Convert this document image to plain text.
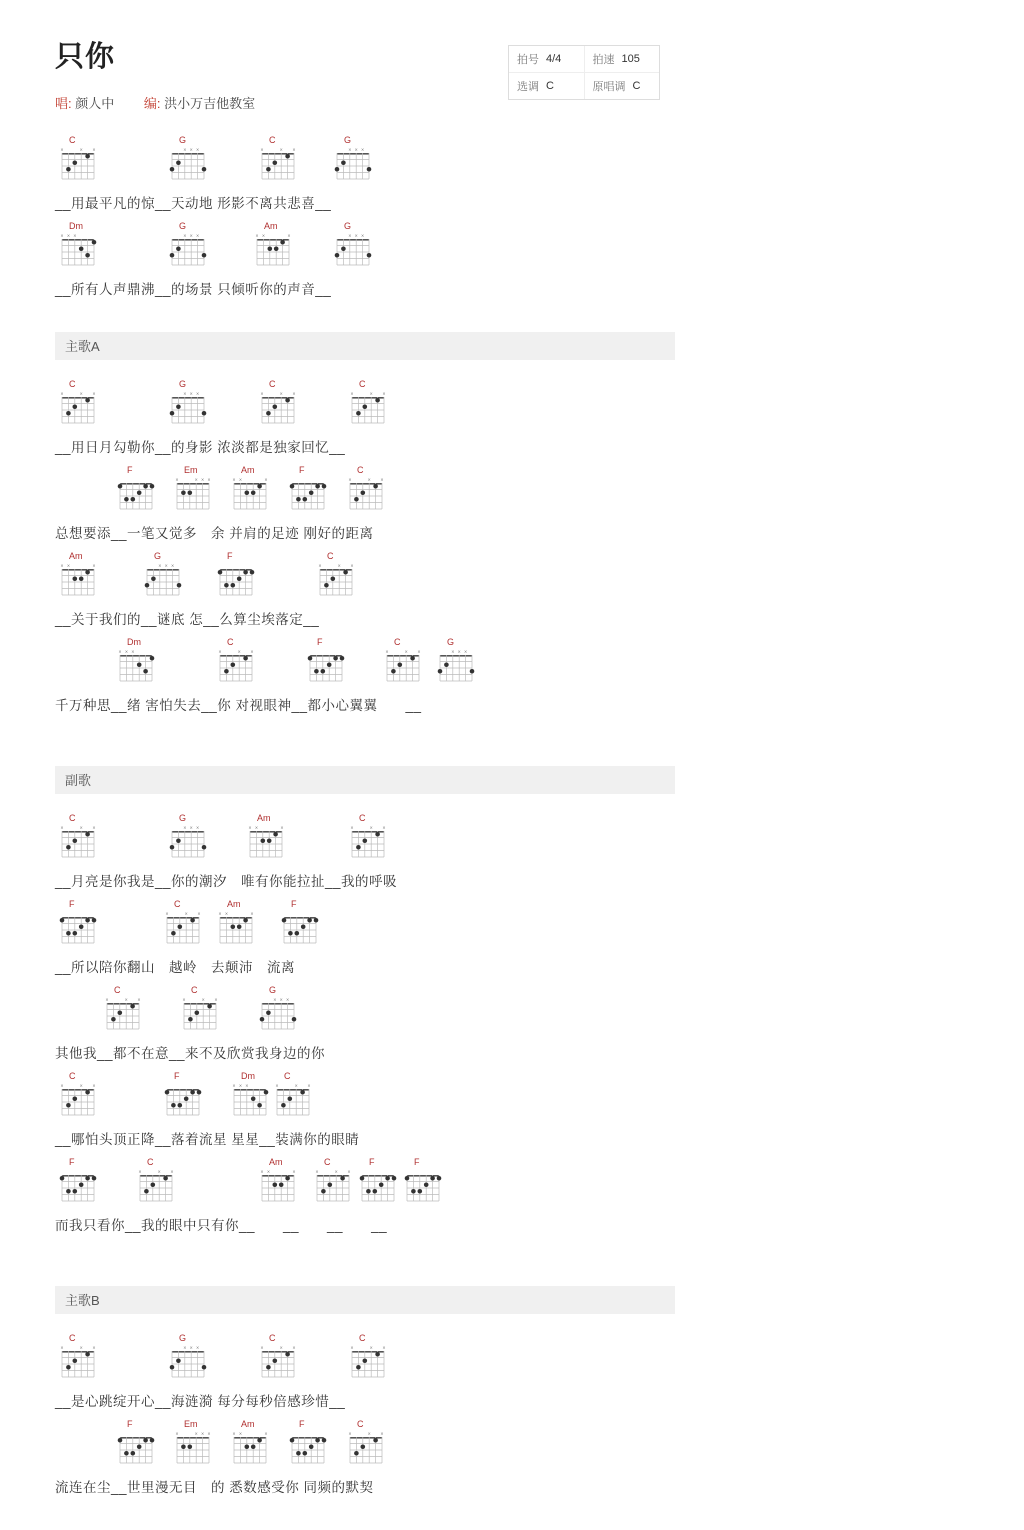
只你
唱: 颜人中 编: 洪小万吉他教室
拍号 4/4	拍速 105
选调 C	原唱调 C
C
×	× ×
G
× × ×
C
×	× ×
G
× × ×
__用最平凡的惊__天动地 形影不离共悲喜__
Dm
× × ×
G
× × ×
Am
× ×	×
G
× × ×
__所有人声鼎沸__的场景 只倾听你的声音__
主歌A
C
×	× ×
G
× × ×
C
×	× ×
C
×	× ×
__用日月勾勒你__的身影 浓淡都是独家回忆__
F	Em
×	× × ×
Am
× ×	×
F	C
×	× ×
总想要添__一笔又觉多　余 并肩的足迹 刚好的距离
Am
× ×	×
G
× × ×
F	C
×	× ×
__关于我们的__谜底 怎__么算尘埃落定__
Dm
× × ×
C
×	× ×
F	C
×	× ×
G
× × ×
千万种思__绪 害怕失去__你 对视眼神__都小心翼翼　　__
副歌
C
×	× ×
G
× × ×
Am
× ×	×
C
×	× ×
__月亮是你我是__你的潮汐　唯有你能拉扯__我的呼吸
F	C
×	× ×
Am
× ×	×
F
__所以陪你翻山　越岭　去颠沛　流离
C
×	× ×
C
×	× ×
G
× × ×
其他我__都不在意__来不及欣赏我身边的你
C
×	× ×
F	Dm
× × ×
C
×	× ×
__哪怕头顶正降__落着流星 星星__装满你的眼睛
F	C
×	× ×
Am
× ×	×
C
×	× ×
F	F
而我只看你__我的眼中只有你__　　__　　__　　__
主歌B
C
×	× ×
G
× × ×
C
×	× ×
C
×	× ×
__是心跳绽开心__海涟漪 每分每秒倍感珍惜__
F	Em
×	× × ×
Am
× ×	×
F	C
×	× ×
流连在尘__世里漫无目　的 悉数感受你 同频的默契
